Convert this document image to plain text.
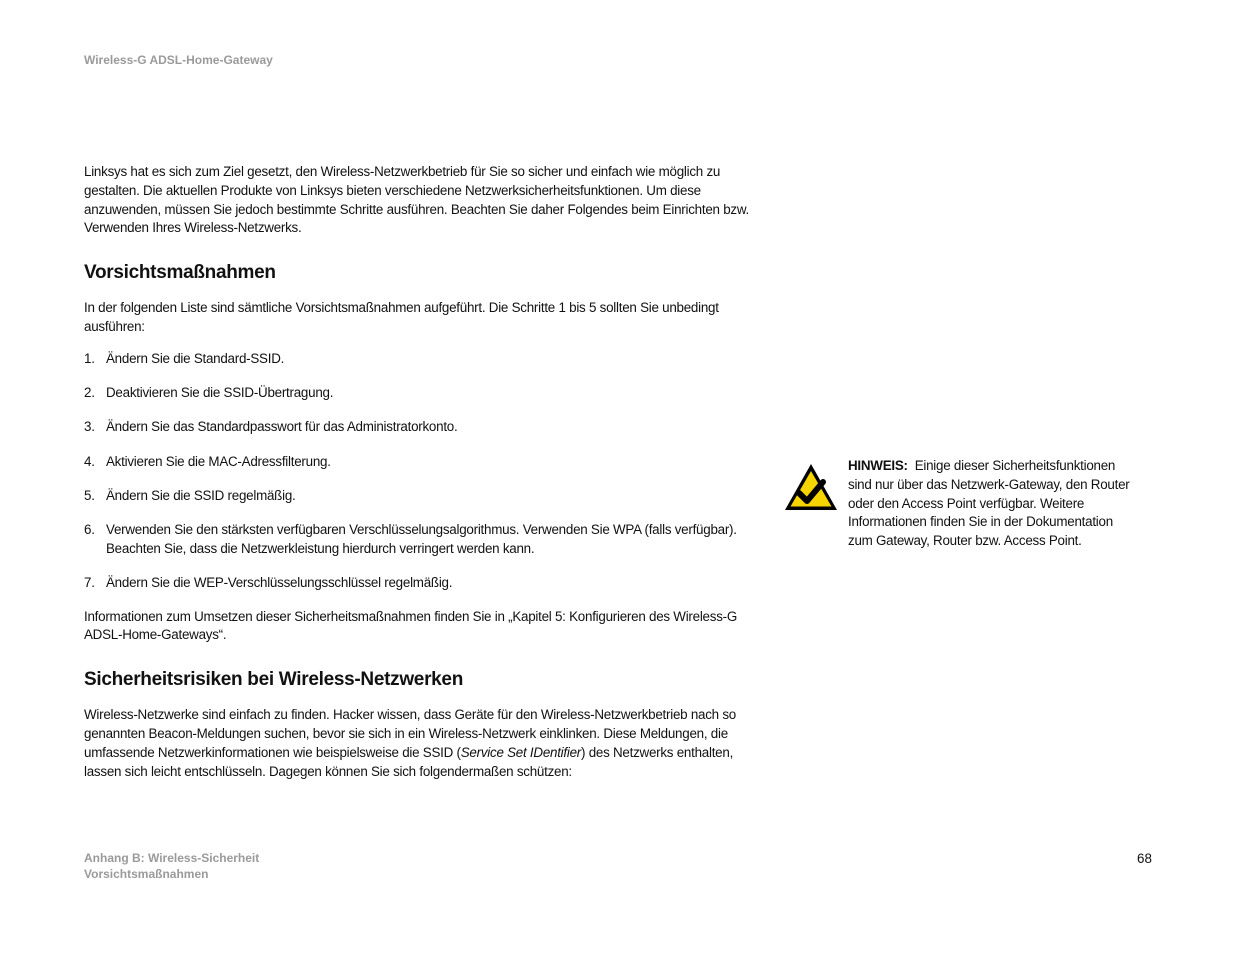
Wireless-G ADSL-Home-Gateway

Linksys hat es sich zum Ziel gesetzt, den Wireless-Netzwerkbetrieb für Sie so sicher und einfach wie möglich zu gestalten. Die aktuellen Produkte von Linksys bieten verschiedene Netzwerksicherheitsfunktionen. Um diese anzuwenden, müssen Sie jedoch bestimmte Schritte ausführen. Beachten Sie daher Folgendes beim Einrichten bzw. Verwenden Ihres Wireless-Netzwerks.

Vorsichtsmaßnahmen

In der folgenden Liste sind sämtliche Vorsichtsmaßnahmen aufgeführt. Die Schritte 1 bis 5 sollten Sie unbedingt ausführen:

1. Ändern Sie die Standard-SSID.
2. Deaktivieren Sie die SSID-Übertragung.
3. Ändern Sie das Standardpasswort für das Administratorkonto.
4. Aktivieren Sie die MAC-Adressfilterung.
5. Ändern Sie die SSID regelmäßig.
6. Verwenden Sie den stärksten verfügbaren Verschlüsselungsalgorithmus. Verwenden Sie WPA (falls verfügbar). Beachten Sie, dass die Netzwerkleistung hierdurch verringert werden kann.
7. Ändern Sie die WEP-Verschlüsselungsschlüssel regelmäßig.

Informationen zum Umsetzen dieser Sicherheitsmaßnahmen finden Sie in „Kapitel 5: Konfigurieren des Wireless-G ADSL-Home-Gateways“.

Sicherheitsrisiken bei Wireless-Netzwerken

Wireless-Netzwerke sind einfach zu finden. Hacker wissen, dass Geräte für den Wireless-Netzwerkbetrieb nach so genannten Beacon-Meldungen suchen, bevor sie sich in ein Wireless-Netzwerk einklinken. Diese Meldungen, die umfassende Netzwerkinformationen wie beispielsweise die SSID (Service Set IDentifier) des Netzwerks enthalten, lassen sich leicht entschlüsseln. Dagegen können Sie sich folgendermaßen schützen:

HINWEIS: Einige dieser Sicherheitsfunktionen sind nur über das Netzwerk-Gateway, den Router oder den Access Point verfügbar. Weitere Informationen finden Sie in der Dokumentation zum Gateway, Router bzw. Access Point.
Anhang B: Wireless-Sicherheit
Vorsichtsmaßnahmen
68
